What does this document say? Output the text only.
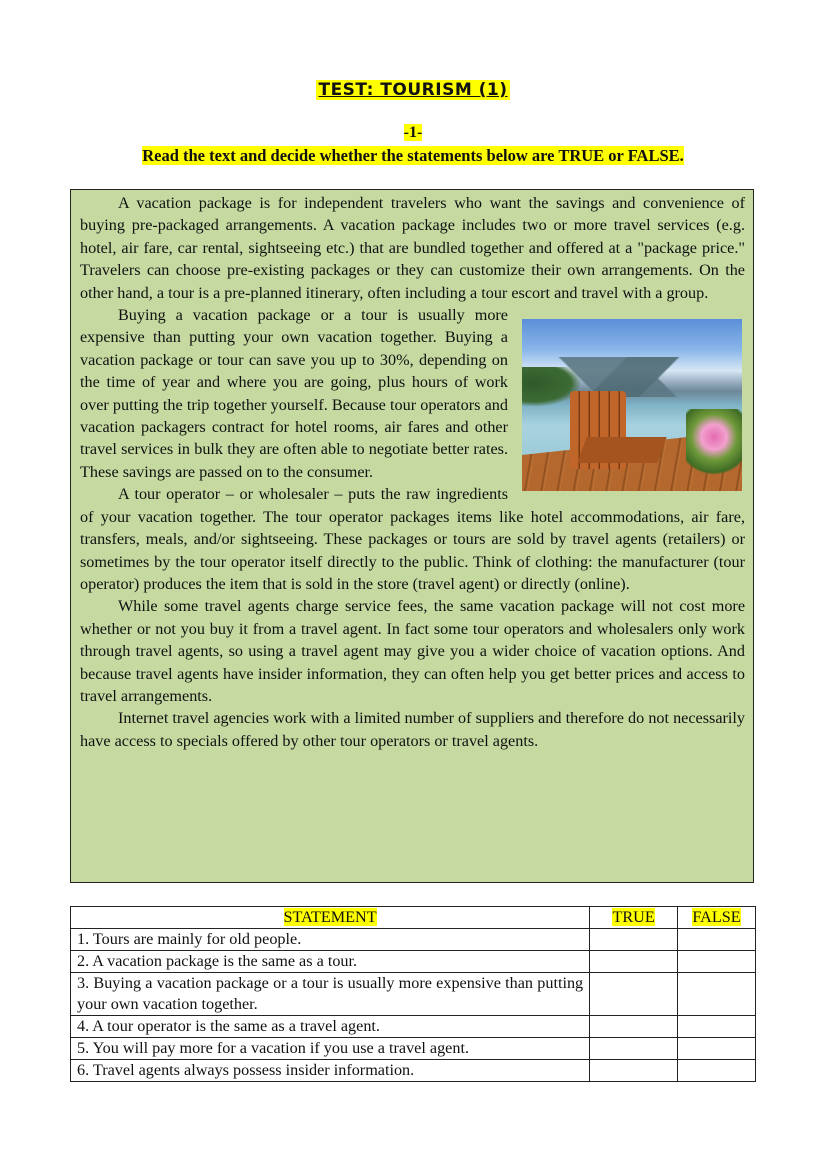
TEST: TOURISM (1)
-1-
Read the text and decide whether the statements below are TRUE or FALSE.

A vacation package is for independent travelers who want the savings and convenience of buying pre-packaged arrangements. A vacation package includes two or more travel services (e.g. hotel, air fare, car rental, sightseeing etc.) that are bundled together and offered at a "package price." Travelers can choose pre-existing packages or they can customize their own arrangements. On the other hand, a tour is a pre-planned itinerary, often including a tour escort and travel with a group.

Buying a vacation package or a tour is usually more expensive than putting your own vacation together. Buying a vacation package or tour can save you up to 30%, depending on the time of year and where you are going, plus hours of work over putting the trip together yourself. Because tour operators and vacation packagers contract for hotel rooms, air fares and other travel services in bulk they are often able to negotiate better rates. These savings are passed on to the consumer.

A tour operator – or wholesaler – puts the raw ingredients of your vacation together. The tour operator packages items like hotel accommodations, air fare, transfers, meals, and/or sightseeing. These packages or tours are sold by travel agents (retailers) or sometimes by the tour operator itself directly to the public. Think of clothing: the manufacturer (tour operator) produces the item that is sold in the store (travel agent) or directly (online).

While some travel agents charge service fees, the same vacation package will not cost more whether or not you buy it from a travel agent. In fact some tour operators and wholesalers only work through travel agents, so using a travel agent may give you a wider choice of vacation options. And because travel agents have insider information, they can often help you get better prices and access to travel arrangements.

Internet travel agencies work with a limited number of suppliers and therefore do not necessarily have access to specials offered by other tour operators or travel agents.

STATEMENT	TRUE	FALSE
1. Tours are mainly for old people.		
2. A vacation package is the same as a tour.		
3. Buying a vacation package or a tour is usually more expensive than putting your own vacation together.		
4. A tour operator is the same as a travel agent.		
5. You will pay more for a vacation if you use a travel agent.		
6. Travel agents always possess insider information.		
